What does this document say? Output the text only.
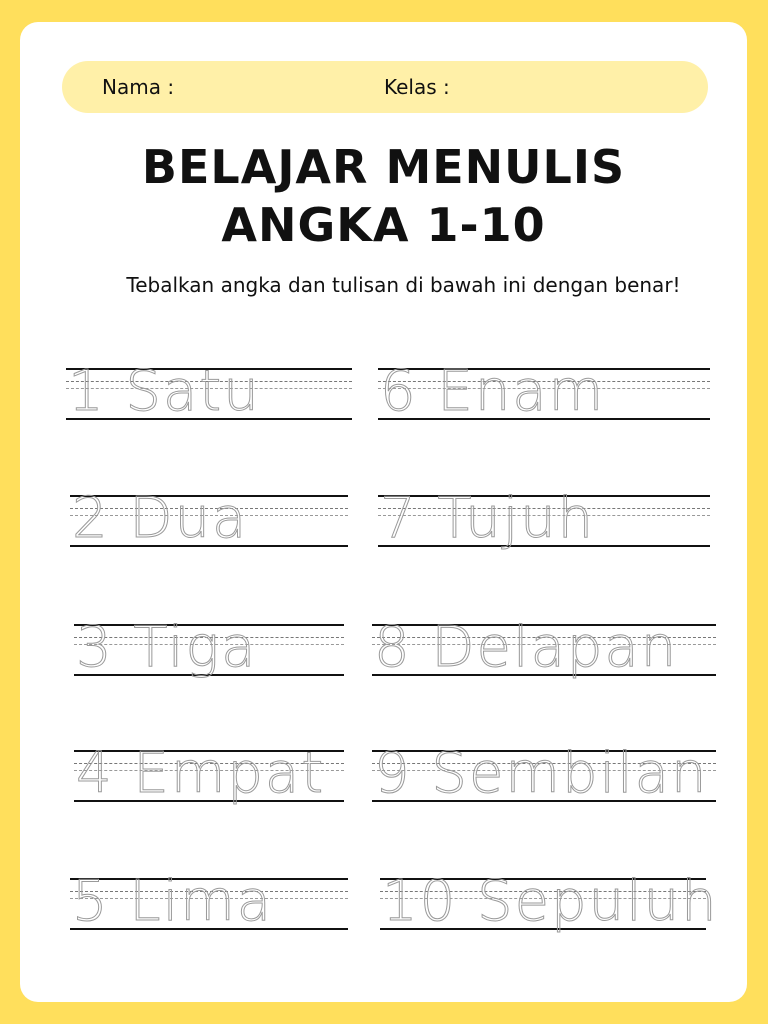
Nama :	Kelas :
BELAJAR MENULIS
ANGKA 1-10
Tebalkan angka dan tulisan di bawah ini dengan benar!
1 Satu
2 Dua
3 Tiga
4 Empat
5 Lima
6 Enam
7 Tujuh
8 Delapan
9 Sembilan
10 Sepuluh
